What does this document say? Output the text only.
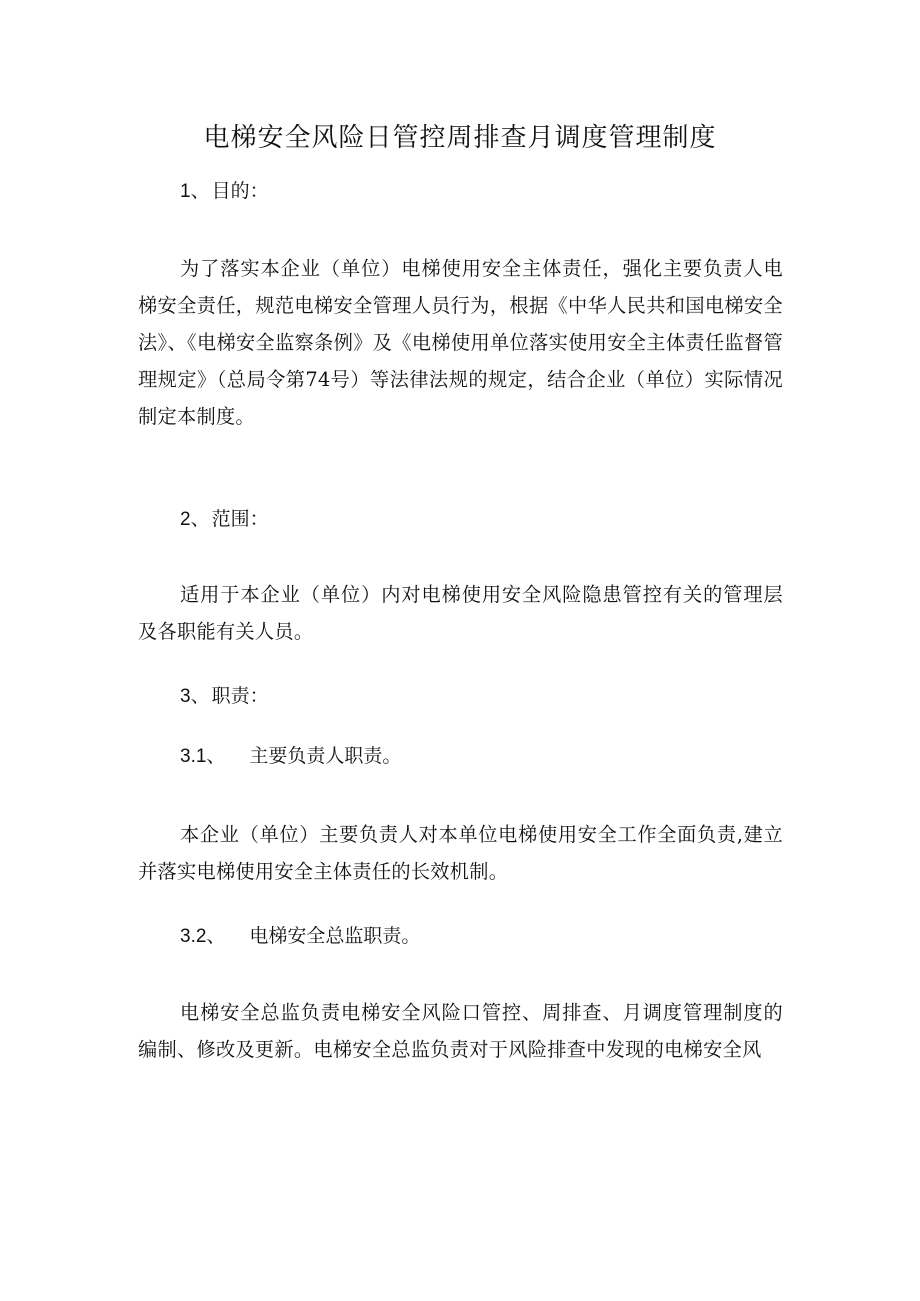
电梯安全风险日管控周排查月调度管理制度

1、 目的：

为了落实本企业（单位）电梯使用安全主体责任，强化主要负责人电梯安全责任，规范电梯安全管理人员行为，根据《中华人民共和国电梯安全法》、《电梯安全监察条例》及《电梯使用单位落实使用安全主体责任监督管理规定》（总局令第74号）等法律法规的规定，结合企业（单位）实际情况制定本制度。

2、 范围：

适用于本企业（单位）内对电梯使用安全风险隐患管控有关的管理层及各职能有关人员。

3、 职责：

3.1、 主要负责人职责。

本企业（单位）主要负责人对本单位电梯使用安全工作全面负责,建立并落实电梯使用安全主体责任的长效机制。

3.2、 电梯安全总监职责。

电梯安全总监负责电梯安全风险口管控、周排查、月调度管理制度的编制、修改及更新。电梯安全总监负责对于风险排查中发现的电梯安全风
